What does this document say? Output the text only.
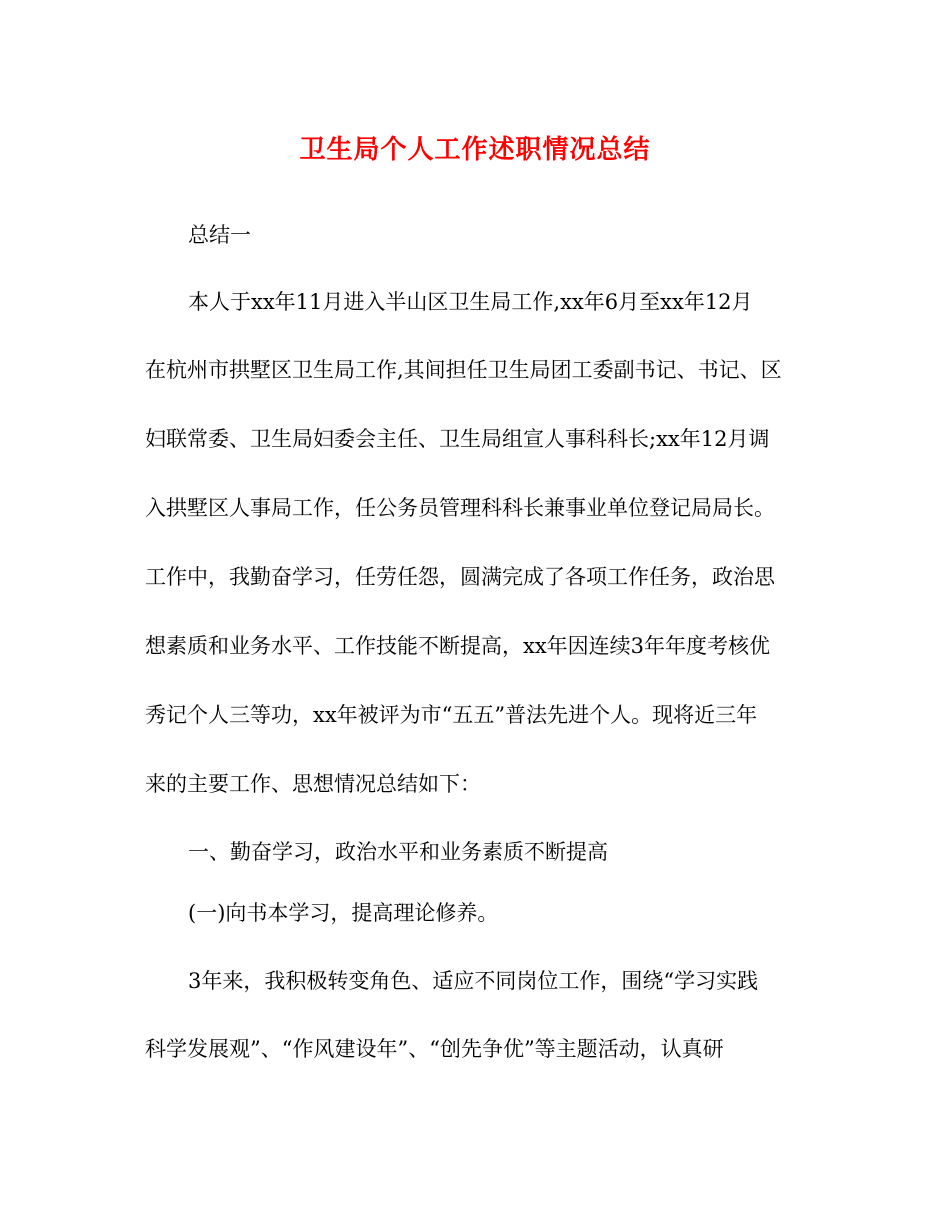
卫生局个人工作述职情况总结
总结一
本人于xx年11月进入半山区卫生局工作,xx年6月至xx年12月
在杭州市拱墅区卫生局工作,其间担任卫生局团工委副书记、书记、区
妇联常委、卫生局妇委会主任、卫生局组宣人事科科长;xx年12月调
入拱墅区人事局工作，任公务员管理科科长兼事业单位登记局局长。
工作中，我勤奋学习，任劳任怨，圆满完成了各项工作任务，政治思
想素质和业务水平、工作技能不断提高，xx年因连续3年年度考核优
秀记个人三等功，xx年被评为市“五五”普法先进个人。现将近三年
来的主要工作、思想情况总结如下：
一、勤奋学习，政治水平和业务素质不断提高
(一)向书本学习，提高理论修养。
3年来，我积极转变角色、适应不同岗位工作，围绕“学习实践
科学发展观”、“作风建设年”、“创先争优”等主题活动，认真研
